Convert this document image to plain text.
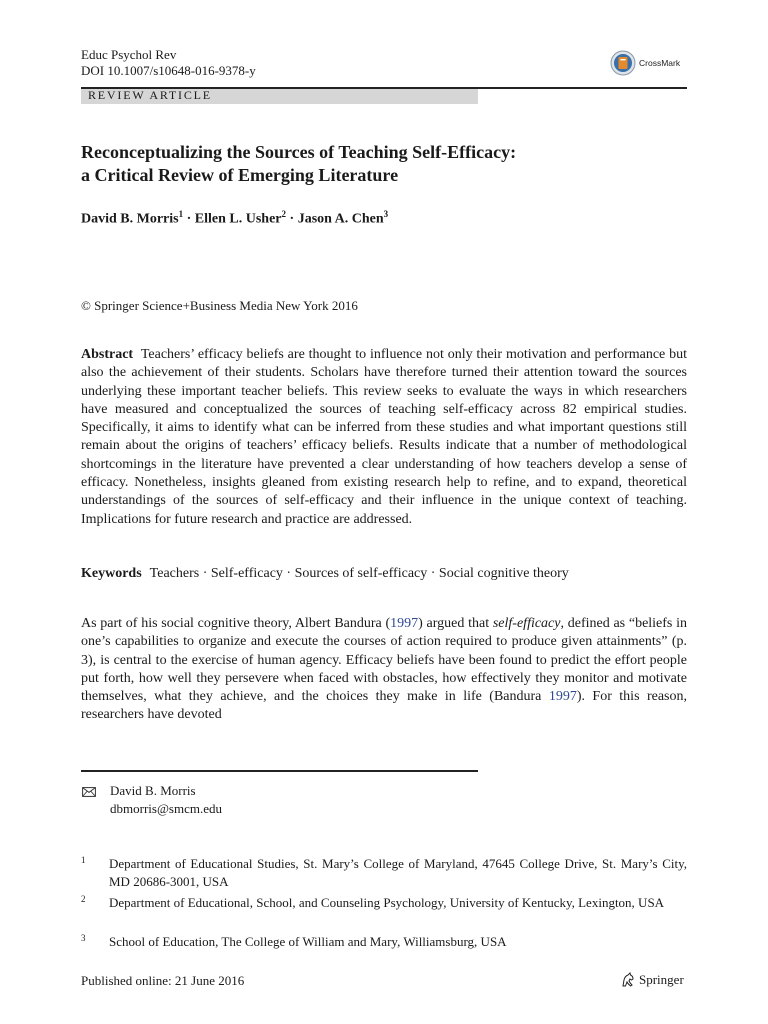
Educ Psychol Rev
DOI 10.1007/s10648-016-9378-y	CrossMark
REVIEW ARTICLE
Reconceptualizing the Sources of Teaching Self-Efficacy:
a Critical Review of Emerging Literature
David B. Morris$^1$ · Ellen L. Usher$^2$ · Jason A. Chen$^3$
© Springer Science+Business Media New York 2016
Abstract Teachers’ efficacy beliefs are thought to influence not only their motivation and performance but also the achievement of their students. Scholars have therefore turned their attention toward the sources underlying these important teacher beliefs. This review seeks to evaluate the ways in which researchers have measured and conceptualized the sources of teaching self-efficacy across 82 empirical studies. Specifically, it aims to identify what can be inferred from these studies and what important questions still remain about the origins of teachers’ efficacy beliefs. Results indicate that a number of methodological shortcomings in the literature have prevented a clear understanding of how teachers develop a sense of efficacy. Nonetheless, insights gleaned from existing research help to refine, and to expand, theoretical understandings of the sources of self-efficacy and their influence in the unique context of teaching. Implications for future research and practice are addressed.
Keywords Teachers · Self-efficacy · Sources of self-efficacy · Social cognitive theory
As part of his social cognitive theory, Albert Bandura (1997) argued that self-efficacy, defined as “beliefs in one’s capabilities to organize and execute the courses of action required to produce given attainments” (p. 3), is central to the exercise of human agency. Efficacy beliefs have been found to predict the effort people put forth, how well they persevere when faced with obstacles, how effectively they monitor and motivate themselves, what they achieve, and the choices they make in life (Bandura 1997). For this reason, researchers have devoted
David B. Morris
dbmorris@smcm.edu
1 Department of Educational Studies, St. Mary’s College of Maryland, 47645 College Drive, St. Mary’s City, MD 20686-3001, USA
2 Department of Educational, School, and Counseling Psychology, University of Kentucky, Lexington, USA
3 School of Education, The College of William and Mary, Williamsburg, USA
Published online: 21 June 2016	Springer
